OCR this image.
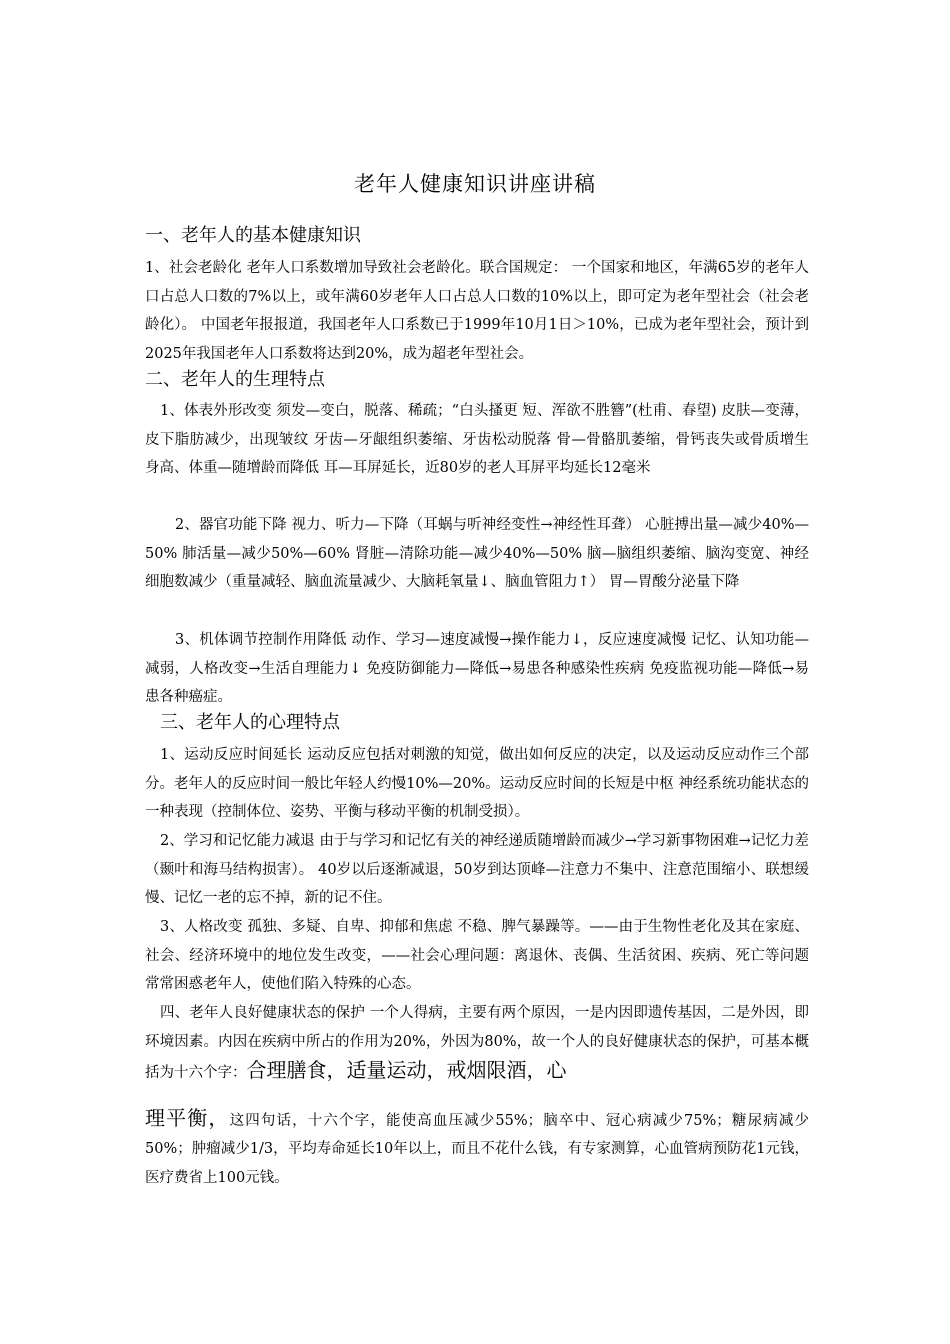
老年人健康知识讲座讲稿
一、老年人的基本健康知识
1、社会老龄化 老年人口系数增加导致社会老龄化。联合国规定： 一个国家和地区，年满65岁的老年人口占总人口数的7%以上，或年满60岁老年人口占总人口数的10%以上，即可定为老年型社会（社会老龄化）。 中国老年报报道，我国老年人口系数已于1999年10月1日＞10%，已成为老年型社会，预计到2025年我国老年人口系数将达到20%，成为超老年型社会。
二、老年人的生理特点
1、体表外形改变 须发—变白，脱落、稀疏；“白头搔更 短、浑欲不胜簪”(杜甫、春望) 皮肤—变薄，皮下脂肪减少，出现皱纹 牙齿—牙龈组织萎缩、牙齿松动脱落 骨—骨骼肌萎缩，骨钙丧失或骨质增生 身高、体重—随增龄而降低 耳—耳屏延长，近80岁的老人耳屏平均延长12毫米
2、器官功能下降 视力、听力—下降（耳蜗与听神经变性→神经性耳聋） 心脏搏出量—减少40%—50% 肺活量—减少50%—60% 肾脏—清除功能—减少40%—50% 脑—脑组织萎缩、脑沟变宽、神经细胞数减少（重量减轻、脑血流量减少、大脑耗氧量↓、脑血管阻力↑） 胃—胃酸分泌量下降
3、机体调节控制作用降低 动作、学习—速度减慢→操作能力↓，反应速度减慢 记忆、认知功能—减弱，人格改变→生活自理能力↓ 免疫防御能力—降低→易患各种感染性疾病 免疫监视功能—降低→易患各种癌症。
三、老年人的心理特点
1、运动反应时间延长 运动反应包括对刺激的知觉，做出如何反应的决定，以及运动反应动作三个部分。老年人的反应时间一般比年轻人约慢10%—20%。运动反应时间的长短是中枢 神经系统功能状态的一种表现（控制体位、姿势、平衡与移动平衡的机制受损）。
2、学习和记忆能力减退 由于与学习和记忆有关的神经递质随增龄而减少→学习新事物困难→记忆力差（颞叶和海马结构损害）。 40岁以后逐渐减退，50岁到达顶峰—注意力不集中、注意范围缩小、联想缓慢、记忆一老的忘不掉，新的记不住。
3、人格改变 孤独、多疑、自卑、抑郁和焦虑 不稳、脾气暴躁等。——由于生物性老化及其在家庭、社会、经济环境中的地位发生改变，——社会心理问题：离退休、丧偶、生活贫困、疾病、死亡等问题常常困惑老年人，使他们陷入特殊的心态。
四、老年人良好健康状态的保护 一个人得病，主要有两个原因，一是内因即遗传基因，二是外因，即环境因素。内因在疾病中所占的作用为20%，外因为80%，故一个人的良好健康状态的保护，可基本概括为十六个字：合理膳食，适量运动，戒烟限酒，心
理平衡，这四句话，十六个字，能使高血压减少55%；脑卒中、冠心病减少75%；糖尿病减少50%；肿瘤减少1/3，平均寿命延长10年以上，而且不花什么钱，有专家测算，心血管病预防花1元钱，医疗费省上100元钱。
